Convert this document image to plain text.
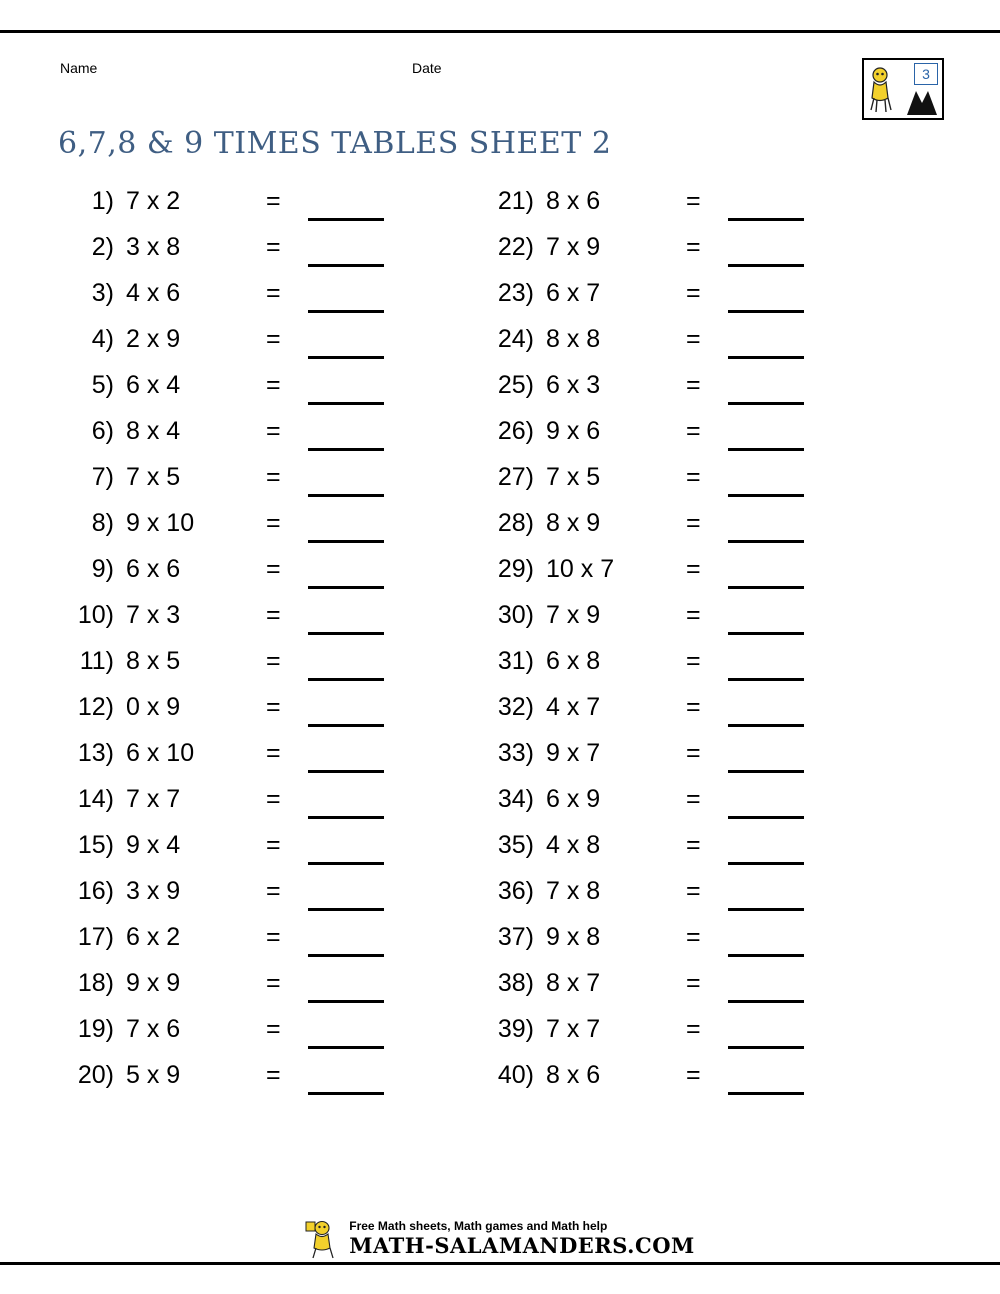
Name	Date
6,7,8 & 9 TIMES TABLES SHEET 2
3
1) 7 x 2	=
2) 3 x 8	=
3) 4 x 6	=
4) 2 x 9	=
5) 6 x 4	=
6) 8 x 4	=
7) 7 x 5	=
8) 9 x 10	=
9) 6 x 6	=
10) 7 x 3	=
11) 8 x 5	=
12) 0 x 9	=
13) 6 x 10	=
14) 7 x 7	=
15) 9 x 4	=
16) 3 x 9	=
17) 6 x 2	=
18) 9 x 9	=
19) 7 x 6	=
20) 5 x 9	=
21) 8 x 6	=
22) 7 x 9	=
23) 6 x 7	=
24) 8 x 8	=
25) 6 x 3	=
26) 9 x 6	=
27) 7 x 5	=
28) 8 x 9	=
29) 10 x 7	=
30) 7 x 9	=
31) 6 x 8	=
32) 4 x 7	=
33) 9 x 7	=
34) 6 x 9	=
35) 4 x 8	=
36) 7 x 8	=
37) 9 x 8	=
38) 8 x 7	=
39) 7 x 7	=
40) 8 x 6	=
Free Math sheets, Math games and Math help
MATH-SALAMANDERS.COM
